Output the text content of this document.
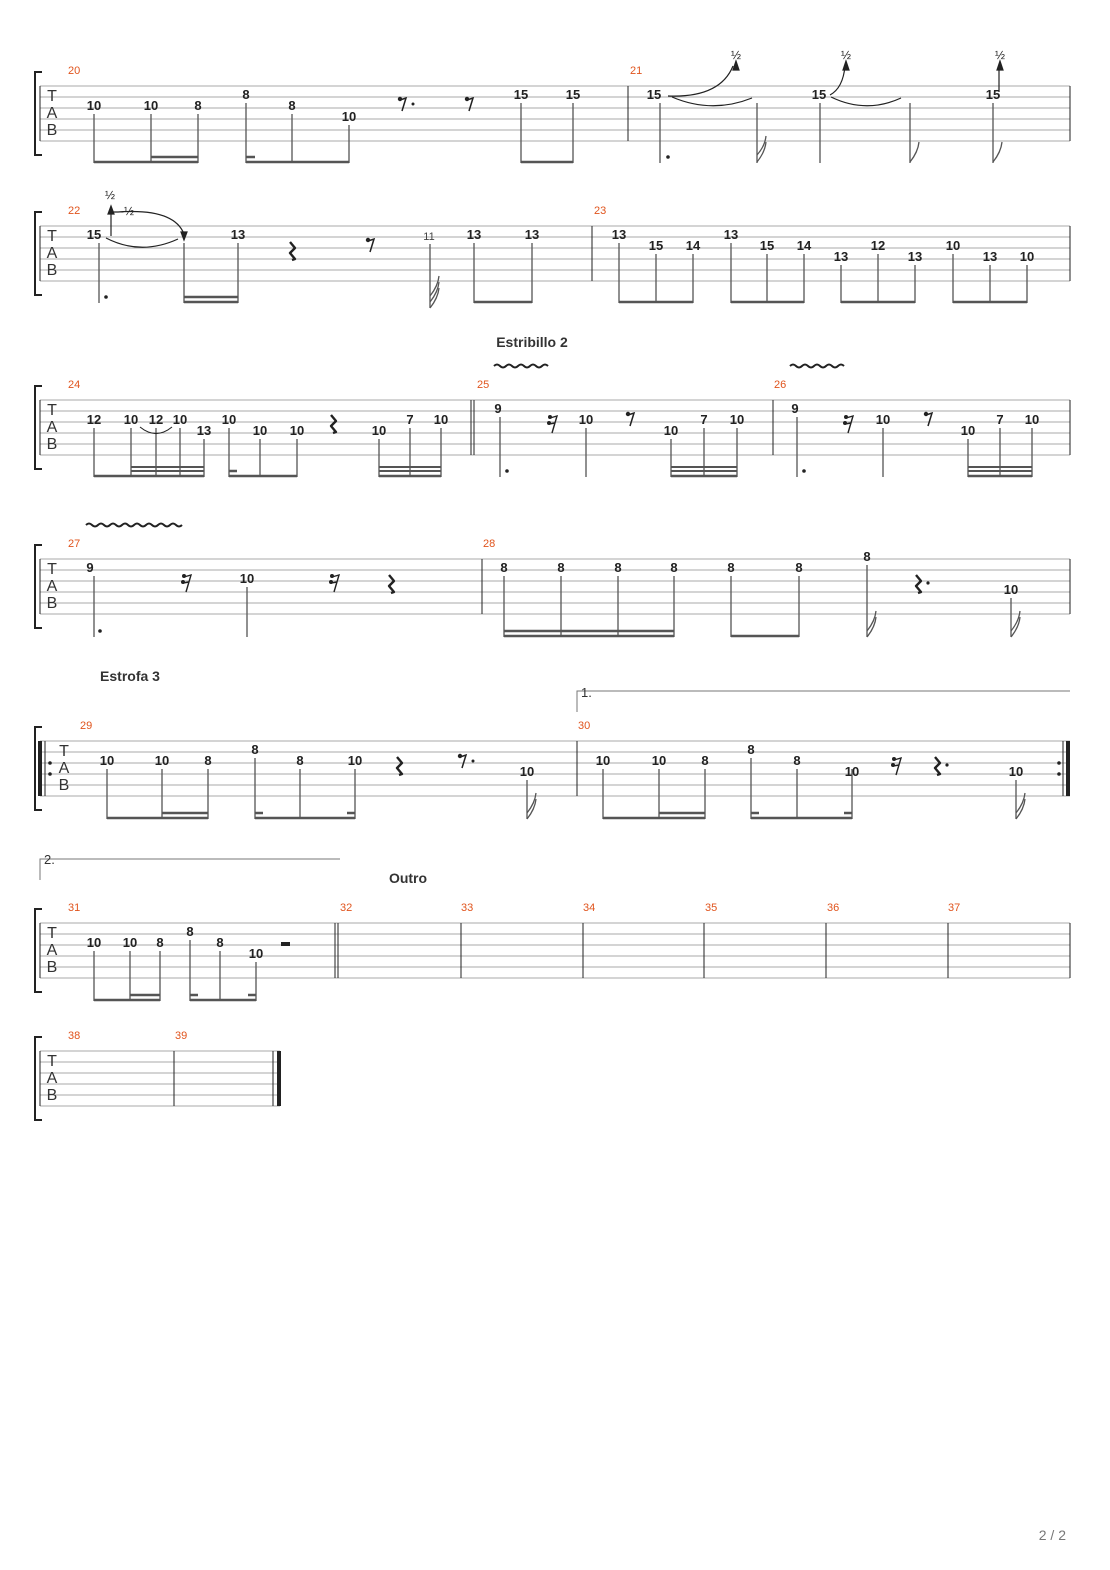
T
A
B
20	21
10	10	8
8
8
10
15	15	15	15	15
½	½	½
T
A
B
22	23
15	13	11 13	13	13
15 14
13
15 14
13
12
13
10
13 10
½
-½
Estribillo 2
T
A
B
24	25	26
12 10 12 10
13
10
10 10	10
7 10
9
10
10
7 10
9
10
10
7 10
T
A
B
27	28
9
10
8	8	8	8	8	8
8
10
Estrofa 3
1.
T
A
B
29	30
10	10	8
8
8	10
10
10	10	8
8
8
10	10
2.
Outro
T
A
B
31	32	33	34	35	36	37
10 10 8
8
8
10
T
A
B
38	39
2 / 2
